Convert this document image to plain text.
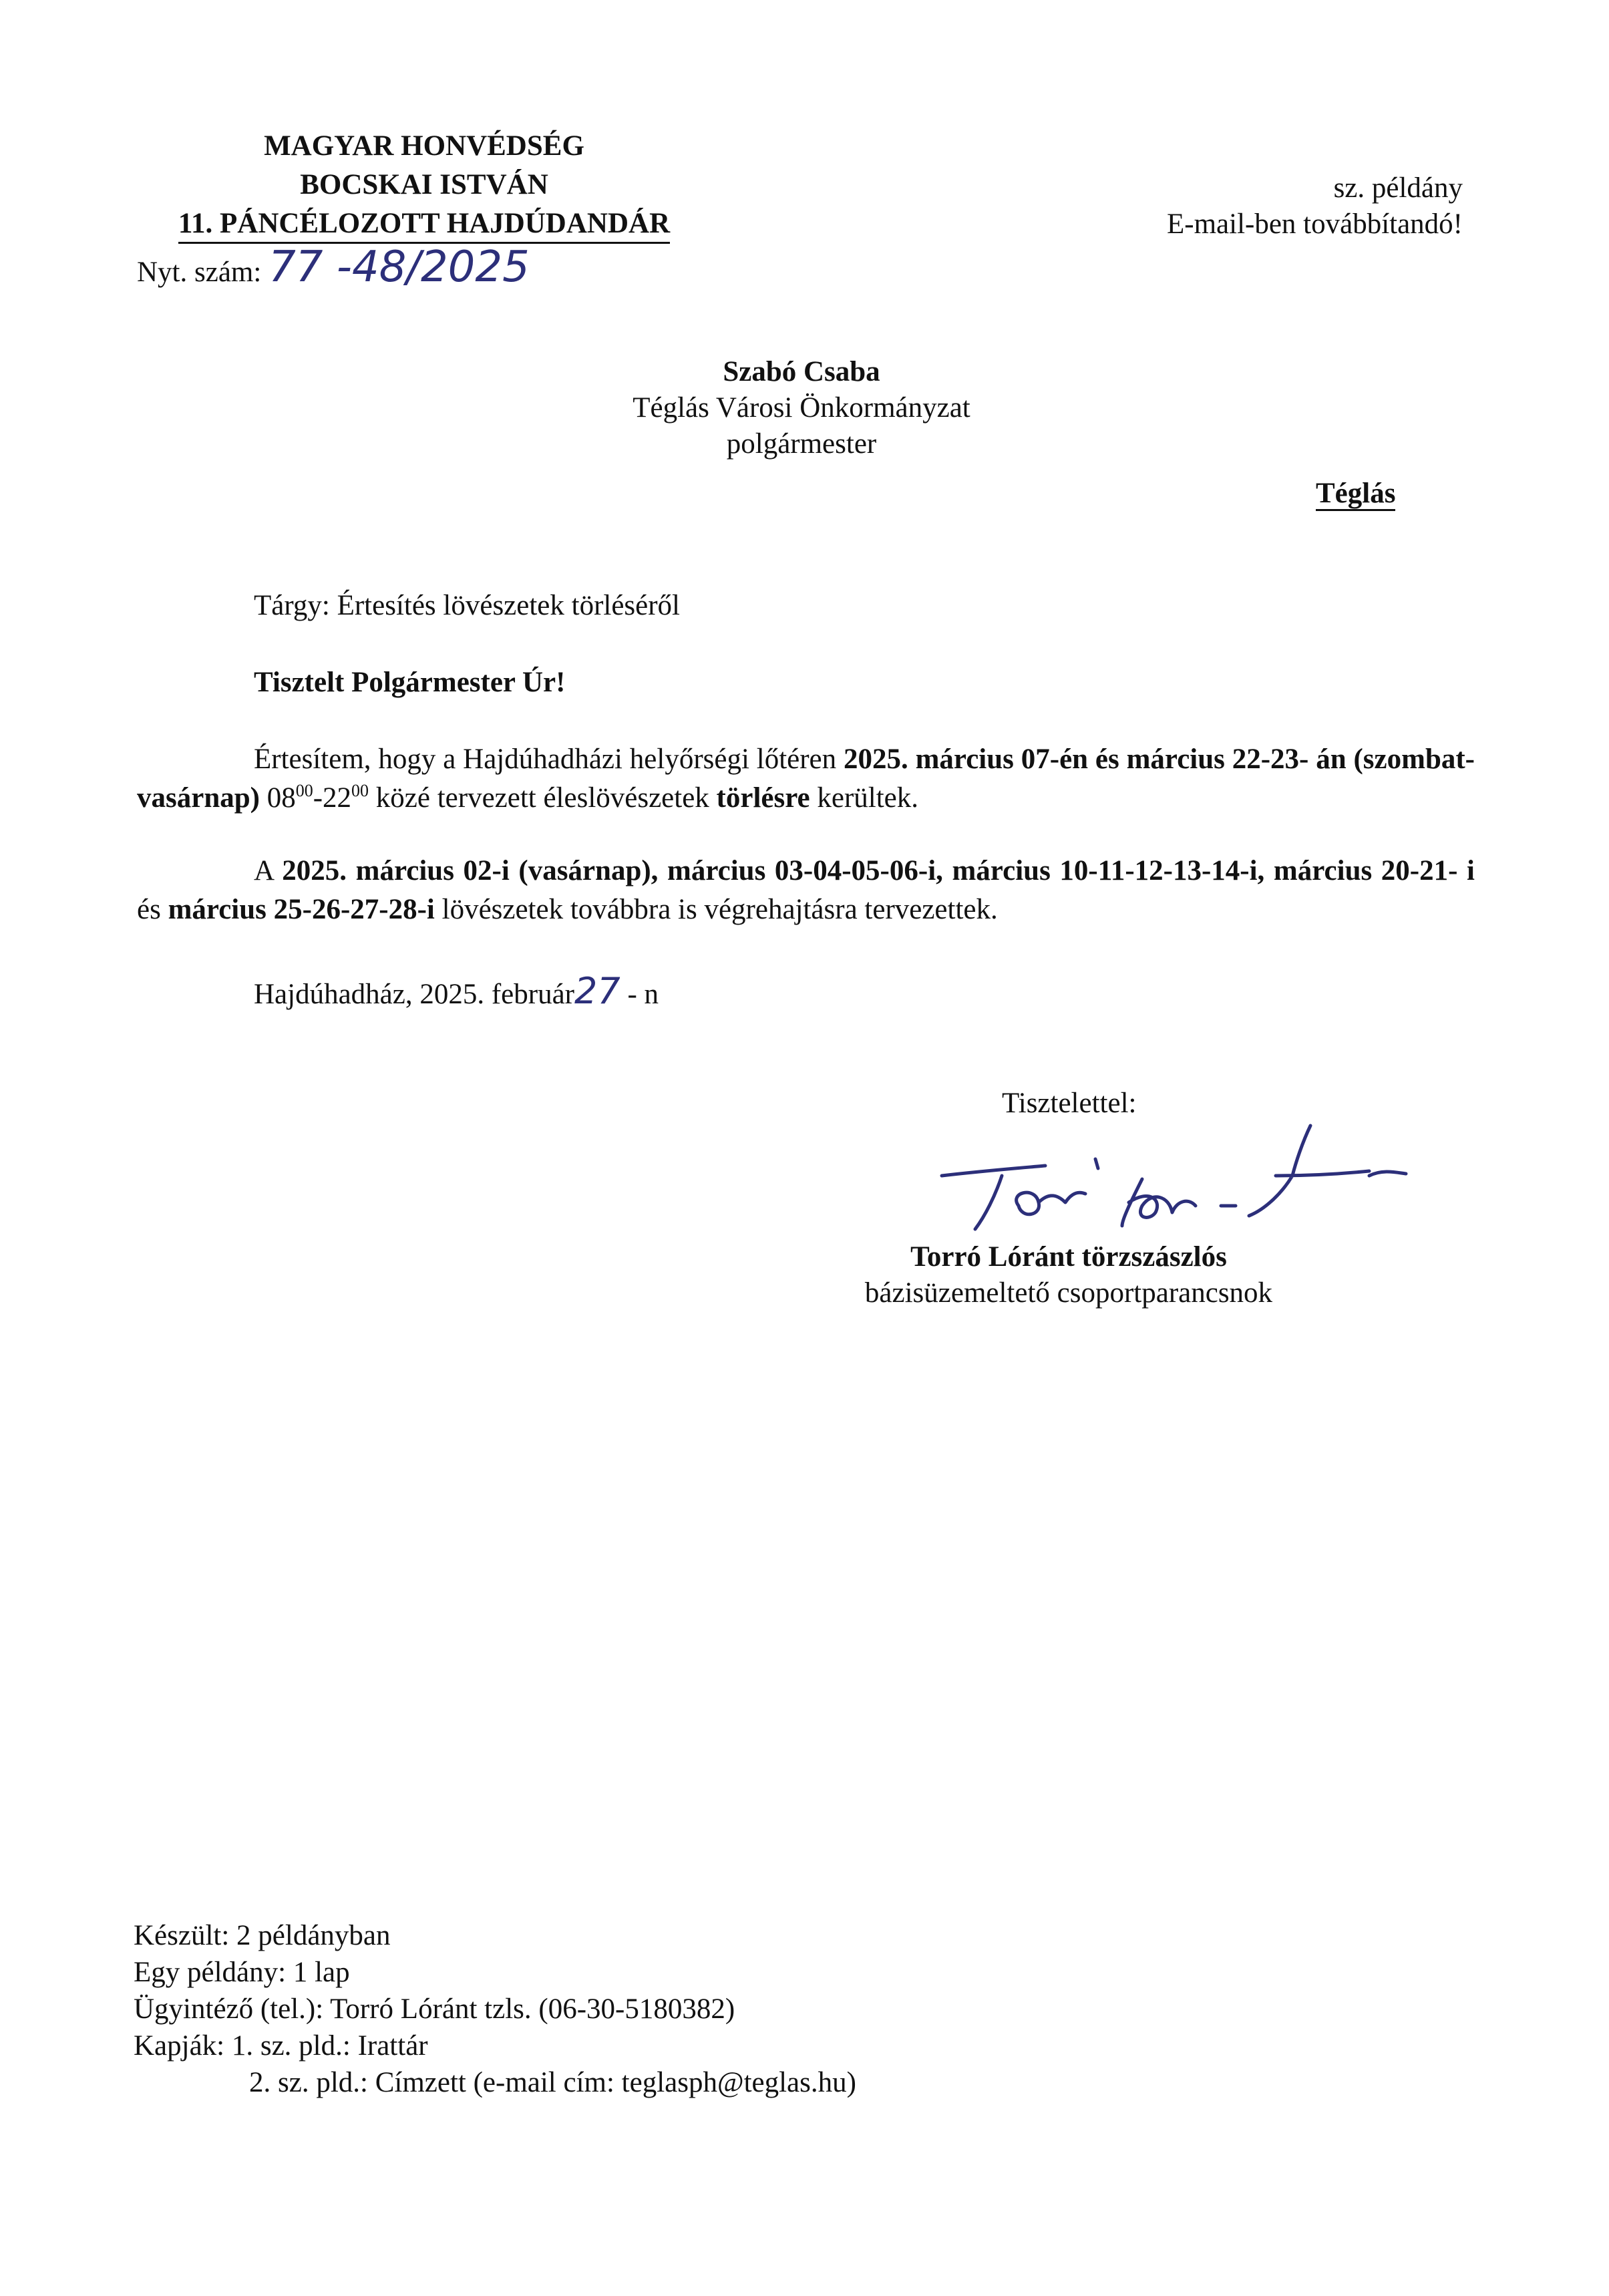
MAGYAR HONVÉDSÉG
BOCSKAI ISTVÁN
11. PÁNCÉLOZOTT HAJDÚDANDÁR
Nyt. szám: 77 -48/2025
sz. példány
E-mail-ben továbbítandó!
Szabó Csaba
Téglás Városi Önkormányzat
polgármester
Téglás
Tárgy: Értesítés lövészetek törléséről
Tisztelt Polgármester Úr!
Értesítem, hogy a Hajdúhadházi helyőrségi lőtéren 2025. március 07-én és március 22-23- án (szombat- vasárnap) $08^{00}-22^{00}$ közé tervezett éleslövészetek törlésre kerültek.
A 2025. március 02-i (vasárnap), március 03-04-05-06-i, március 10-11-12-13-14-i, március 20-21- i és március 25-26-27-28-i lövészetek továbbra is végrehajtásra tervezettek.
Hajdúhadház, 2025. február27 - n
Tisztelettel:
Torró Lóránt törzszászlós
bázisüzemeltető csoportparancsnok
Készült: 2 példányban
Egy példány: 1 lap
Ügyintéző (tel.): Torró Lóránt tzls. (06-30-5180382)
Kapják: 1. sz. pld.: Irattár
2. sz. pld.: Címzett (e-mail cím: teglasph@teglas.hu)
